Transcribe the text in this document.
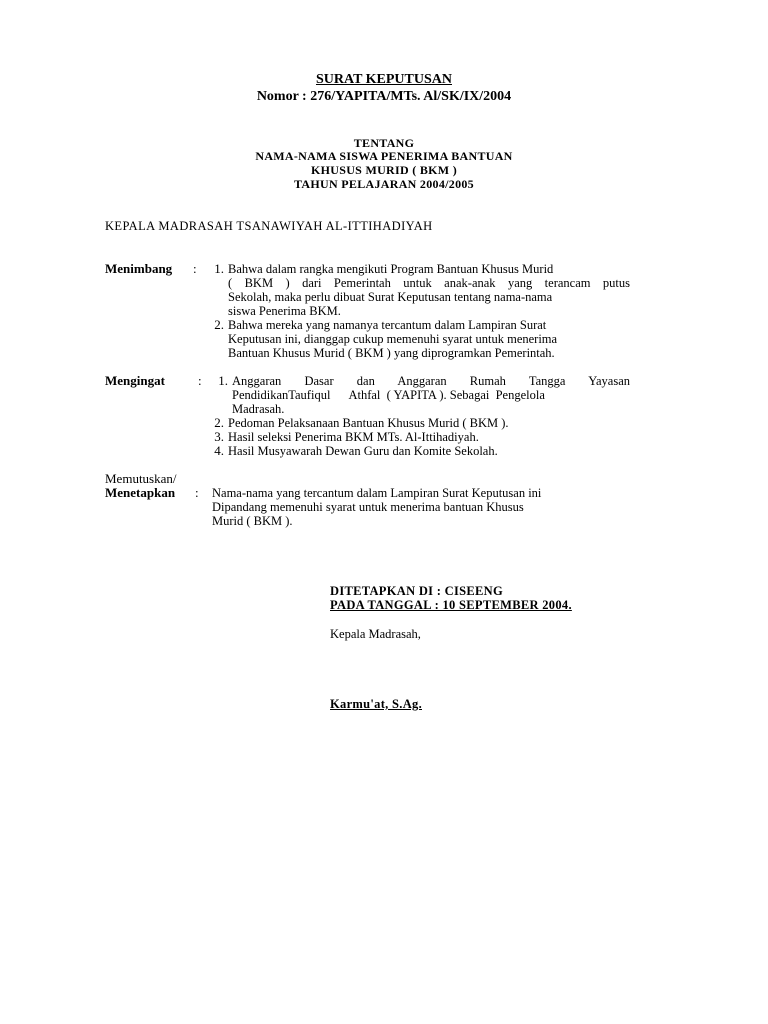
SURAT KEPUTUSAN
Nomor : 276/YAPITA/MTs. Al/SK/IX/2004
TENTANG
NAMA-NAMA SISWA PENERIMA BANTUAN
KHUSUS MURID ( BKM )
TAHUN PELAJARAN 2004/2005
KEPALA MADRASAH TSANAWIYAH AL-ITTIHADIYAH
Menimbang :	1. Bahwa dalam rangka mengikuti Program Bantuan Khusus Murid
( BKM ) dari Pemerintah untuk anak-anak yang terancam putus
Sekolah, maka perlu dibuat Surat Keputusan tentang nama-nama
siswa Penerima BKM.
2. Bahwa mereka yang namanya tercantum dalam Lampiran Surat
Keputusan ini, dianggap cukup memenuhi syarat untuk menerima
Bantuan Khusus Murid ( BKM ) yang diprogramkan Pemerintah.
Mengingat	:	1. Anggaran Dasar dan Anggaran Rumah Tangga Yayasan
PendidikanTaufiqul      Athfal  ( YAPITA ). Sebagai  Pengelola
Madrasah.
2. Pedoman Pelaksanaan Bantuan Khusus Murid ( BKM ).
3. Hasil seleksi Penerima BKM MTs. Al-Ittihadiyah.
4. Hasil Musyawarah Dewan Guru dan Komite Sekolah.
Memutuskan/
Menetapkan : Nama-nama yang tercantum dalam Lampiran Surat Keputusan ini
Dipandang memenuhi syarat untuk menerima bantuan Khusus
Murid ( BKM ).
DITETAPKAN DI : CISEENG
PADA TANGGAL : 10 SEPTEMBER 2004.
Kepala Madrasah,
Karmu'at, S.Ag.
